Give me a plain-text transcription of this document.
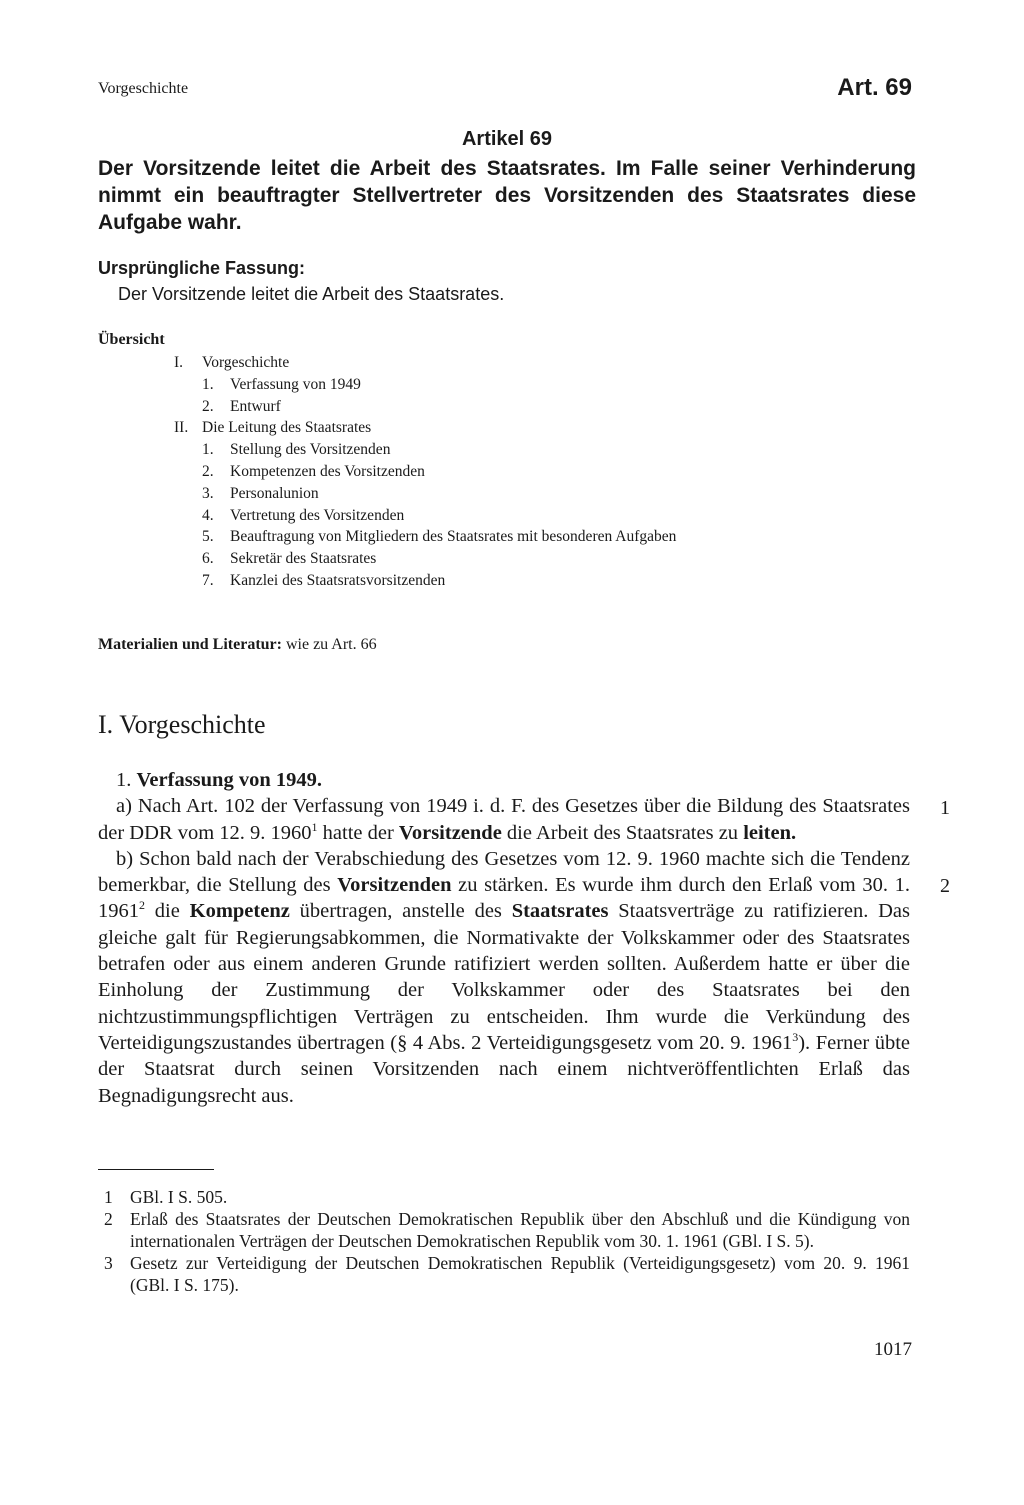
Vorgeschichte	Art. 69
Artikel 69
Der Vorsitzende leitet die Arbeit des Staatsrates. Im Falle seiner Verhinderung nimmt ein beauftragter Stellvertreter des Vorsitzenden des Staatsrates diese Aufgabe wahr.
Ursprüngliche Fassung:
Der Vorsitzende leitet die Arbeit des Staatsrates.
Übersicht
I. Vorgeschichte
1. Verfassung von 1949
2. Entwurf
II. Die Leitung des Staatsrates
1. Stellung des Vorsitzenden
2. Kompetenzen des Vorsitzenden
3. Personalunion
4. Vertretung des Vorsitzenden
5. Beauftragung von Mitgliedern des Staatsrates mit besonderen Aufgaben
6. Sekretär des Staatsrates
7. Kanzlei des Staatsratsvorsitzenden
Materialien und Literatur: wie zu Art. 66
I. Vorgeschichte

1. Verfassung von 1949.

a) Nach Art. 102 der Verfassung von 1949 i. d. F. des Gesetzes über die Bildung des Staatsrates der DDR vom 12. 9. 1960$^1$ hatte der Vorsitzende die Arbeit des Staatsrates zu leiten.

b) Schon bald nach der Verabschiedung des Gesetzes vom 12. 9. 1960 machte sich die Tendenz bemerkbar, die Stellung des Vorsitzenden zu stärken. Es wurde ihm durch den Erlaß vom 30. 1. 1961$^2$ die Kompetenz übertragen, anstelle des Staatsrates Staatsverträge zu ratifizieren. Das gleiche galt für Regierungsabkommen, die Normativakte der Volkskammer oder des Staatsrates betrafen oder aus einem anderen Grunde ratifiziert werden sollten. Außerdem hatte er über die Einholung der Zustimmung der Volkskammer oder des Staatsrates bei den nichtzustimmungspflichtigen Verträgen zu entscheiden. Ihm wurde die Verkündung des Verteidigungszustandes übertragen (§ 4 Abs. 2 Verteidigungsgesetz vom 20. 9. 1961$^3$). Ferner übte der Staatsrat durch seinen Vorsitzenden nach einem nichtveröffentlichten Erlaß das Begnadigungsrecht aus.

1
2
1 GBl. I S. 505.
2 Erlaß des Staatsrates der Deutschen Demokratischen Republik über den Abschluß und die Kündigung von internationalen Verträgen der Deutschen Demokratischen Republik vom 30. 1. 1961 (GBl. I S. 5).
3 Gesetz zur Verteidigung der Deutschen Demokratischen Republik (Verteidigungsgesetz) vom 20. 9. 1961 (GBl. I S. 175).
1017
